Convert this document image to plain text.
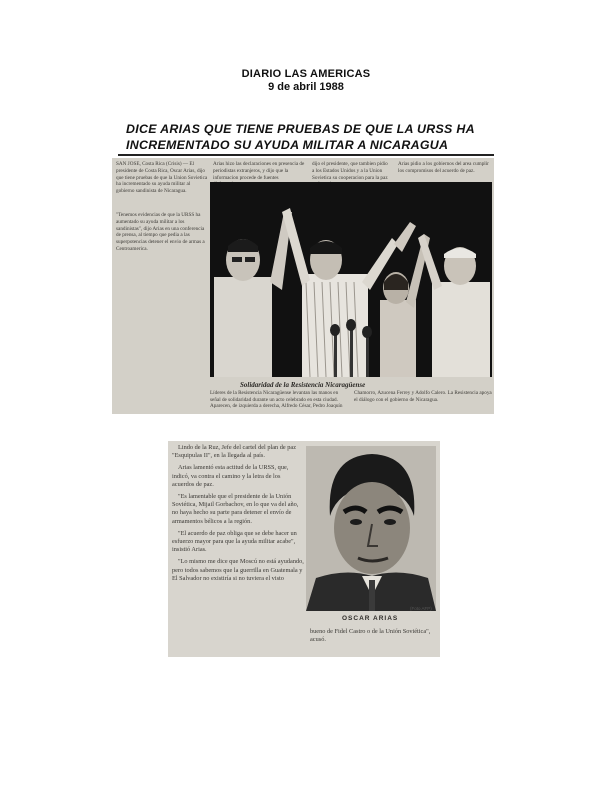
DIARIO LAS AMERICAS
9 de abril 1988
DICE ARIAS QUE TIENE PRUEBAS DE QUE LA URSS HA
INCREMENTADO SU AYUDA MILITAR A NICARAGUA
SAN JOSE, Costa Rica (Crisis) — El presidente de Costa Rica, Oscar Arias, dijo que tiene pruebas de que la Union Sovietica ha incrementado su ayuda militar al gobierno sandinista de Nicaragua.
"Tenemos evidencias de que la URSS ha aumentado su ayuda militar a los sandinistas", dijo Arias en una conferencia de prensa, al tiempo que pedia a las superpotencias detener el envio de armas a Centroamerica.
Arias hizo las declaraciones en presencia de periodistas extranjeros, y dijo que la informacion procede de fuentes
dijo el presidente, que tambien pidio a los Estados Unidos y a la Union Sovietica su cooperacion para la paz
Arias pidio a los gobiernos del area cumplir los compromisos del acuerdo de paz.
Solidaridad de la Resistencia Nicaragüense
Líderes de la Resistencia Nicaragüense levantan las manos en señal de solidaridad durante un acto celebrado en esta ciudad. Aparecen, de izquierda a derecha, Alfredo César, Pedro Joaquín Chamorro, Azucena Ferrey y Adolfo Calero. La Resistencia apoya el diálogo con el gobierno de Nicaragua.

Lindo de la Ruz, Jefe del cartel del plan de paz "Esquipulas II", en la llegada al país.

Arias lamentó esta actitud de la URSS, que, indicó, va contra el camino y la letra de los acuerdos de paz.

"Es lamentable que el presidente de la Unión Soviética, Mijail Gorbachov, en lo que va del año, no haya hecho su parte para detener el envío de armamentos bélicos a la región.

"El acuerdo de paz obliga que se debe hacer un esfuerzo mayor para que la ayuda militar acabe", insistió Arias.

"Lo mismo me dice que Moscú no está ayudando, pero todos sabemos que la guerrilla en Guatemala y El Salvador no existiría si no tuviera el visto

(Foto AFP)
OSCAR ARIAS
bueno de Fidel Castro o de la Unión Soviética", acusó.
